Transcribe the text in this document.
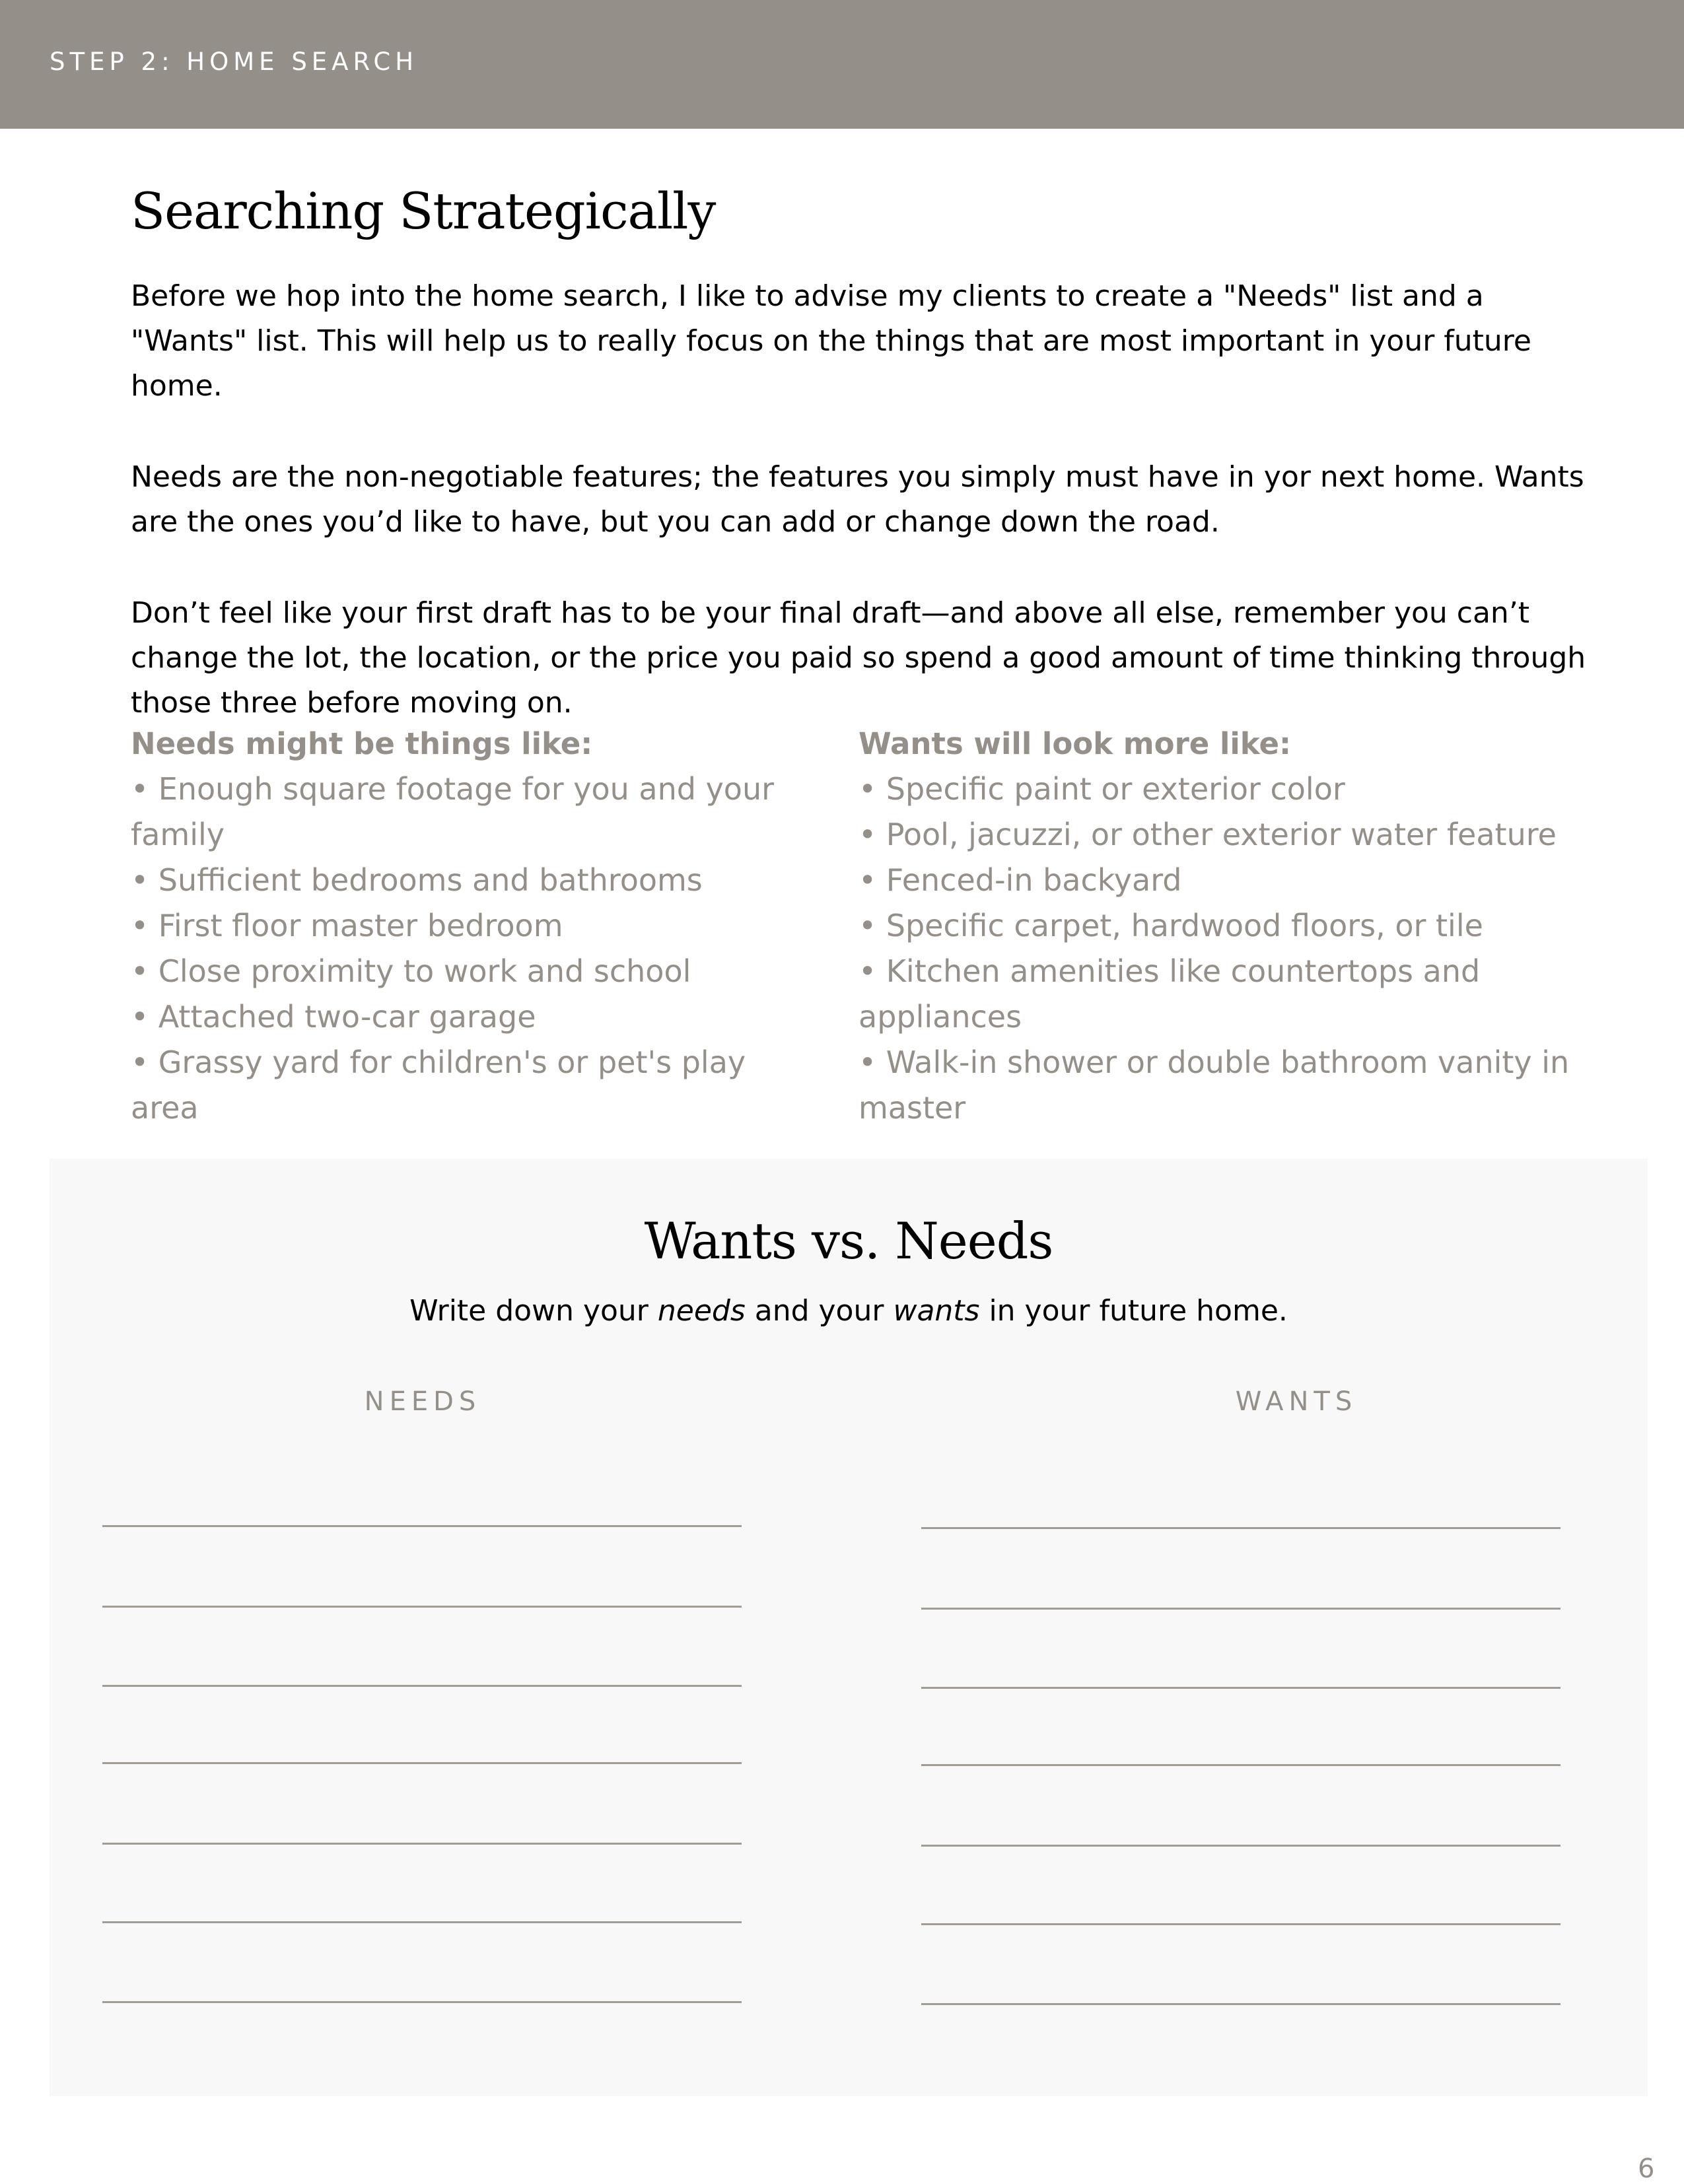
STEP 2: HOME SEARCH
Searching Strategically

Before we hop into the home search, I like to advise my clients to create a "Needs" list and a "Wants" list. This will help us to really focus on the things that are most important in your future home.

Needs are the non-negotiable features; the features you simply must have in yor next home. Wants are the ones you’d like to have, but you can add or change down the road.

Don’t feel like your first draft has to be your final draft—and above all else, remember you can’t change the lot, the location, or the price you paid so spend a good amount of time thinking through those three before moving on.

Needs might be things like:
• Enough square footage for you and your family
• Sufficient bedrooms and bathrooms
• First floor master bedroom
• Close proximity to work and school
• Attached two-car garage
• Grassy yard for children's or pet's play area
Wants will look more like:
• Specific paint or exterior color
• Pool, jacuzzi, or other exterior water feature
• Fenced-in backyard
• Specific carpet, hardwood floors, or tile
• Kitchen amenities like countertops and appliances
• Walk-in shower or double bathroom vanity in master
Wants vs. Needs
Write down your needs and your wants in your future home.
NEEDS	WANTS
6
